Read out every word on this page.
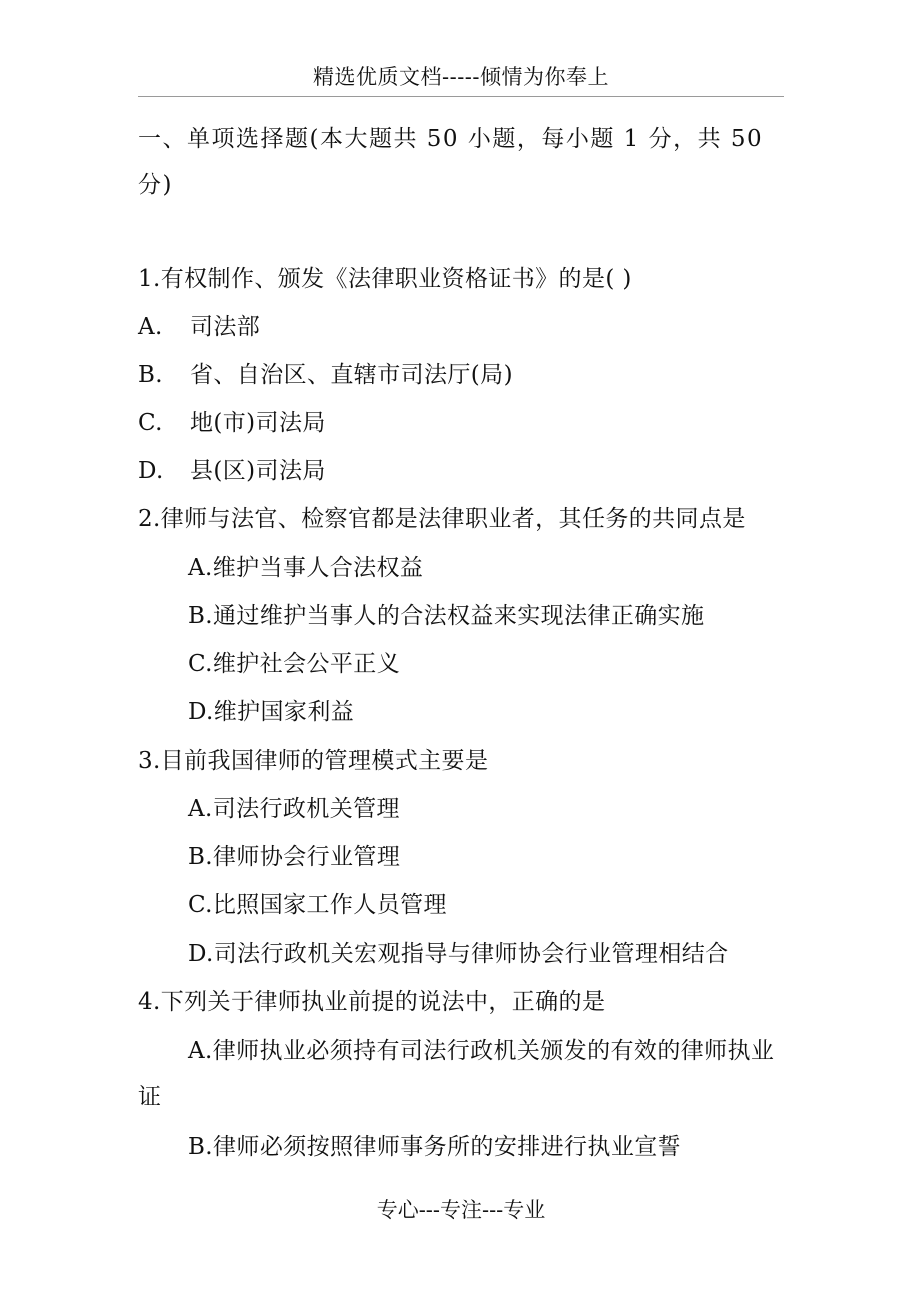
精选优质文档-----倾情为你奉上
一、单项选择题(本大题共 50 小题，每小题 1 分，共 50 分)
1.有权制作、颁发《法律职业资格证书》的是( )
A. 司法部
B. 省、自治区、直辖市司法厅(局)
C. 地(市)司法局
D. 县(区)司法局
2.律师与法官、检察官都是法律职业者，其任务的共同点是
A.维护当事人合法权益
B.通过维护当事人的合法权益来实现法律正确实施
C.维护社会公平正义
D.维护国家利益
3.目前我国律师的管理模式主要是
A.司法行政机关管理
B.律师协会行业管理
C.比照国家工作人员管理
D.司法行政机关宏观指导与律师协会行业管理相结合
4.下列关于律师执业前提的说法中，正确的是

A.律师执业必须持有司法行政机关颁发的有效的律师执业证

B.律师必须按照律师事务所的安排进行执业宣誓
专心---专注---专业
